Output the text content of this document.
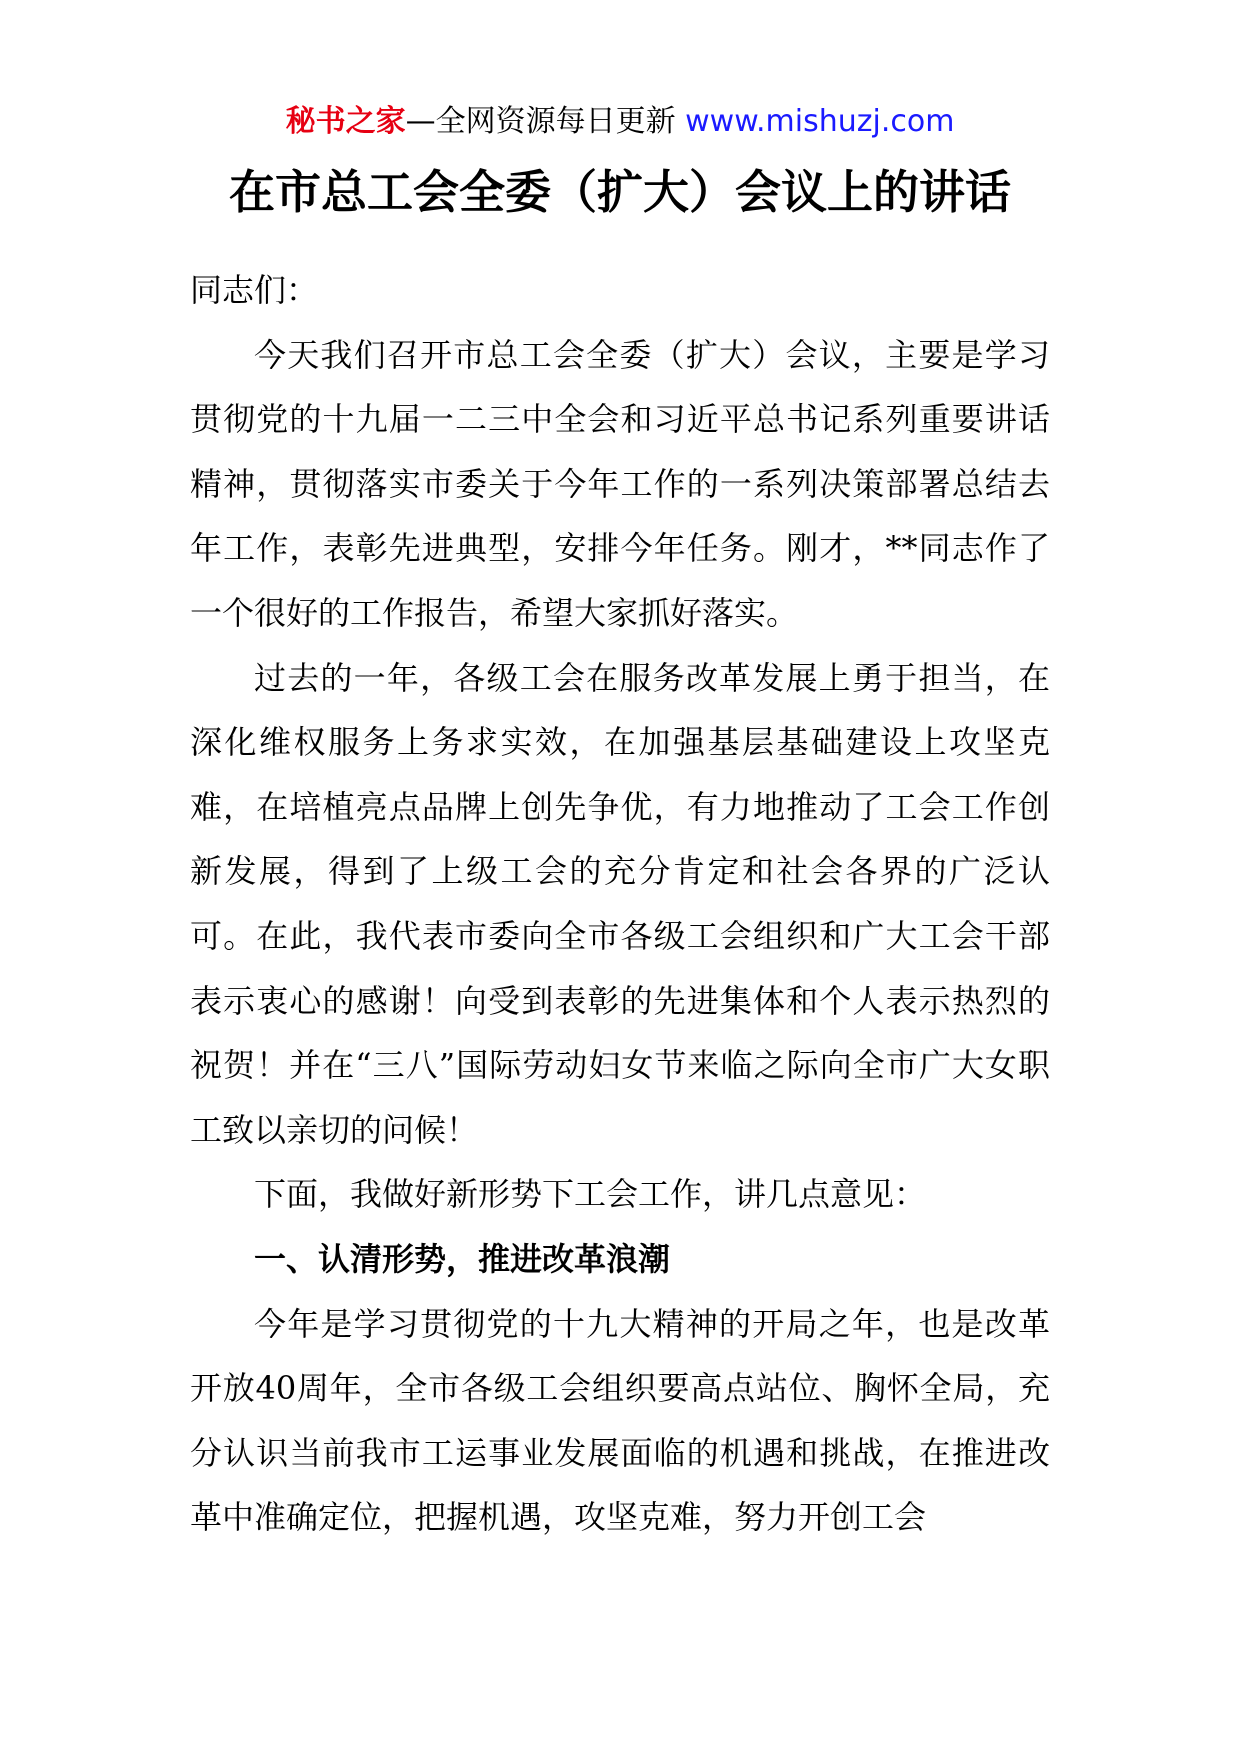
秘书之家—全网资源每日更新 www.mishuzj.com
在市总工会全委（扩大）会议上的讲话

同志们：

今天我们召开市总工会全委（扩大）会议，主要是学习贯彻党的十九届一二三中全会和习近平总书记系列重要讲话精神，贯彻落实市委关于今年工作的一系列决策部署总结去年工作，表彰先进典型，安排今年任务。刚才，**同志作了一个很好的工作报告，希望大家抓好落实。

过去的一年，各级工会在服务改革发展上勇于担当，在深化维权服务上务求实效，在加强基层基础建设上攻坚克难，在培植亮点品牌上创先争优，有力地推动了工会工作创新发展，得到了上级工会的充分肯定和社会各界的广泛认可。在此，我代表市委向全市各级工会组织和广大工会干部表示衷心的感谢！向受到表彰的先进集体和个人表示热烈的祝贺！并在“三八”国际劳动妇女节来临之际向全市广大女职工致以亲切的问候！

下面，我做好新形势下工会工作，讲几点意见：

一、认清形势，推进改革浪潮

今年是学习贯彻党的十九大精神的开局之年，也是改革开放40周年，全市各级工会组织要高点站位、胸怀全局，充分认识当前我市工运事业发展面临的机遇和挑战，在推进改革中准确定位，把握机遇，攻坚克难，努力开创工会
